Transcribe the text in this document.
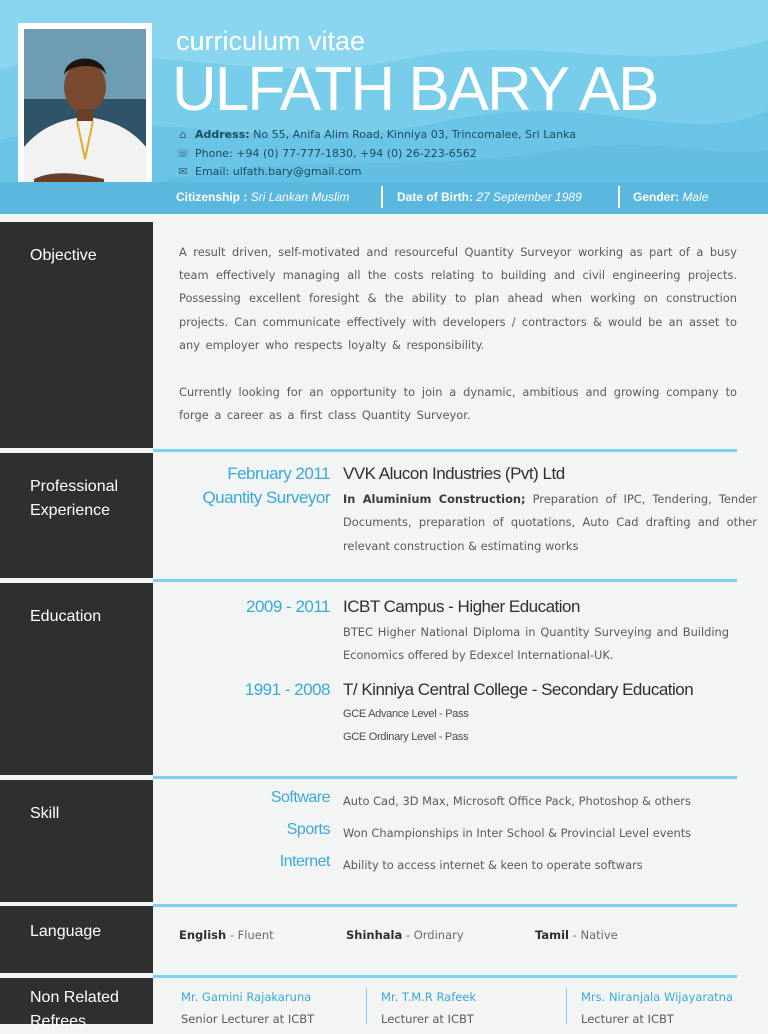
curriculum vitae
ULFATH BARY AB
⌂ Address: No 55, Anifa Alim Road, Kinniya 03, Trincomalee, Sri Lanka
☏ Phone: +94 (0) 77-777-1830, +94 (0) 26-223-6562
✉ Email: ulfath.bary@gmail.com
Citizenship : Sri Lankan Muslim	Date of Birth: 27 September 1989	Gender: Male
Objective	A result driven, self-motivated and resourceful Quantity Surveyor working as part of a busy team effectively managing all the costs relating to building and civil engineering projects. Possessing excellent foresight & the ability to plan ahead when working on construction projects. Can communicate effectively with developers / contractors & would be an asset to any employer who respects loyalty & responsibility.
Currently looking for an opportunity to join a dynamic, ambitious and growing company to forge a career as a first class Quantity Surveyor.
Professional
Experience
February 2011
Quantity Surveyor
VVK Alucon Industries (Pvt) Ltd
In Aluminium Construction; Preparation of IPC, Tendering, Tender Documents, preparation of quotations, Auto Cad drafting and other relevant construction & estimating works
Education
2009 - 2011 ICBT Campus - Higher Education
BTEC Higher National Diploma in Quantity Surveying and Building Economics offered by Edexcel International-UK.
1991 - 2008 T/ Kinniya Central College - Secondary Education
GCE Advance Level - Pass
GCE Ordinary Level - Pass
Skill
Software Auto Cad, 3D Max, Microsoft Office Pack, Photoshop & others
Sports Won Championships in Inter School & Provincial Level events
Internet Ability to access internet & keen to operate softwars
Language	English - Fluent	Shinhala - Ordinary	Tamil - Native
Non Related
Refrees
Mr. Gamini Rajakaruna
Senior Lecturer at ICBT
Mr. T.M.R Rafeek
Lecturer at ICBT
Mrs. Niranjala Wijayaratna
Lecturer at ICBT
